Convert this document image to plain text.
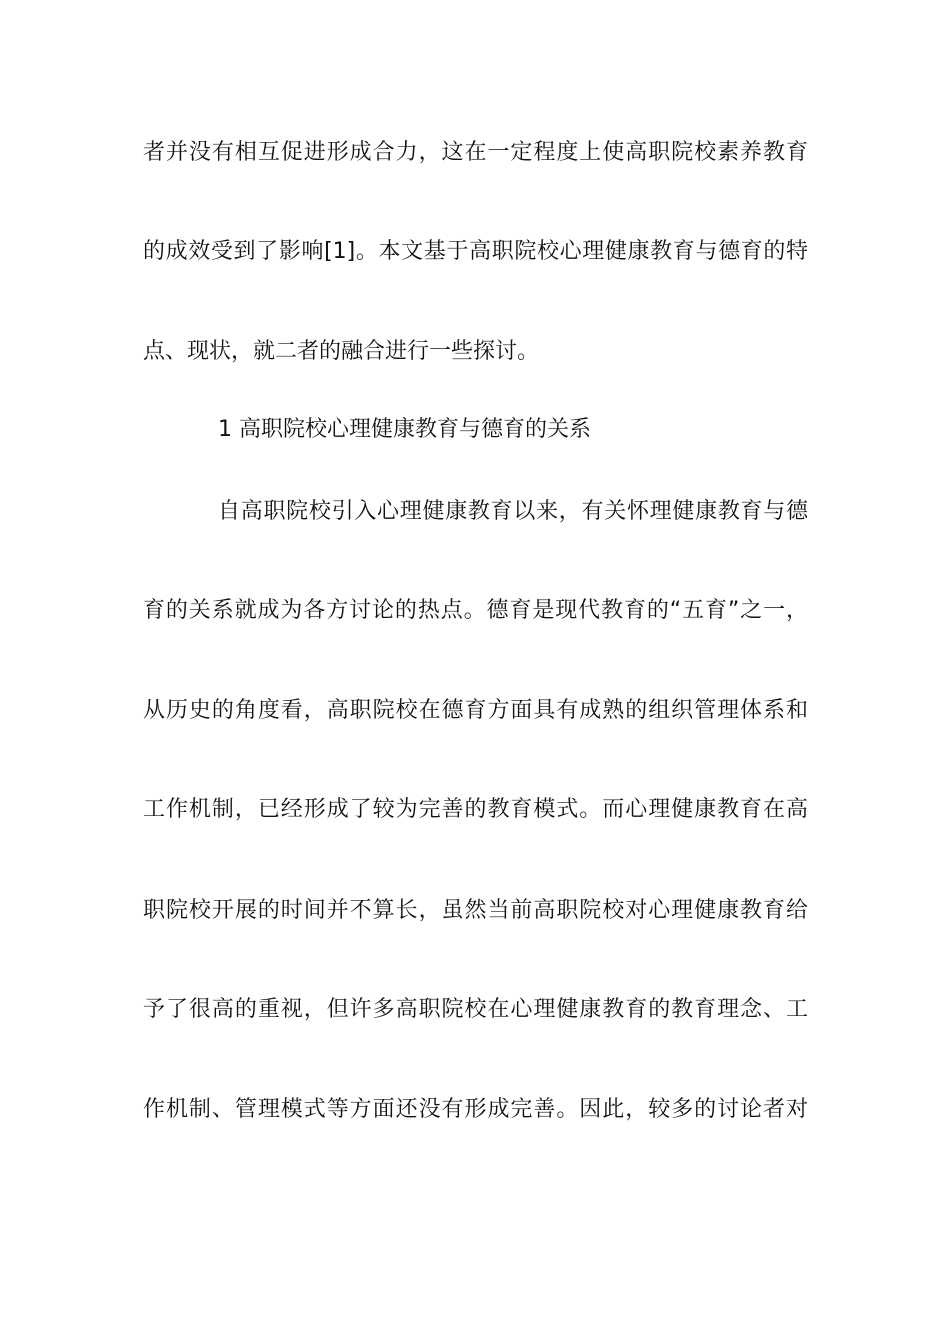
者并没有相互促进形成合力，这在一定程度上使高职院校素养教育
的成效受到了影响[1]。本文基于高职院校心理健康教育与德育的特
点、现状，就二者的融合进行一些探讨。
1 高职院校心理健康教育与德育的关系
自高职院校引入心理健康教育以来，有关怀理健康教育与德
育的关系就成为各方讨论的热点。德育是现代教育的“五育”之一，
从历史的角度看，高职院校在德育方面具有成熟的组织管理体系和
工作机制，已经形成了较为完善的教育模式。而心理健康教育在高
职院校开展的时间并不算长，虽然当前高职院校对心理健康教育给
予了很高的重视，但许多高职院校在心理健康教育的教育理念、工
作机制、管理模式等方面还没有形成完善。因此，较多的讨论者对
